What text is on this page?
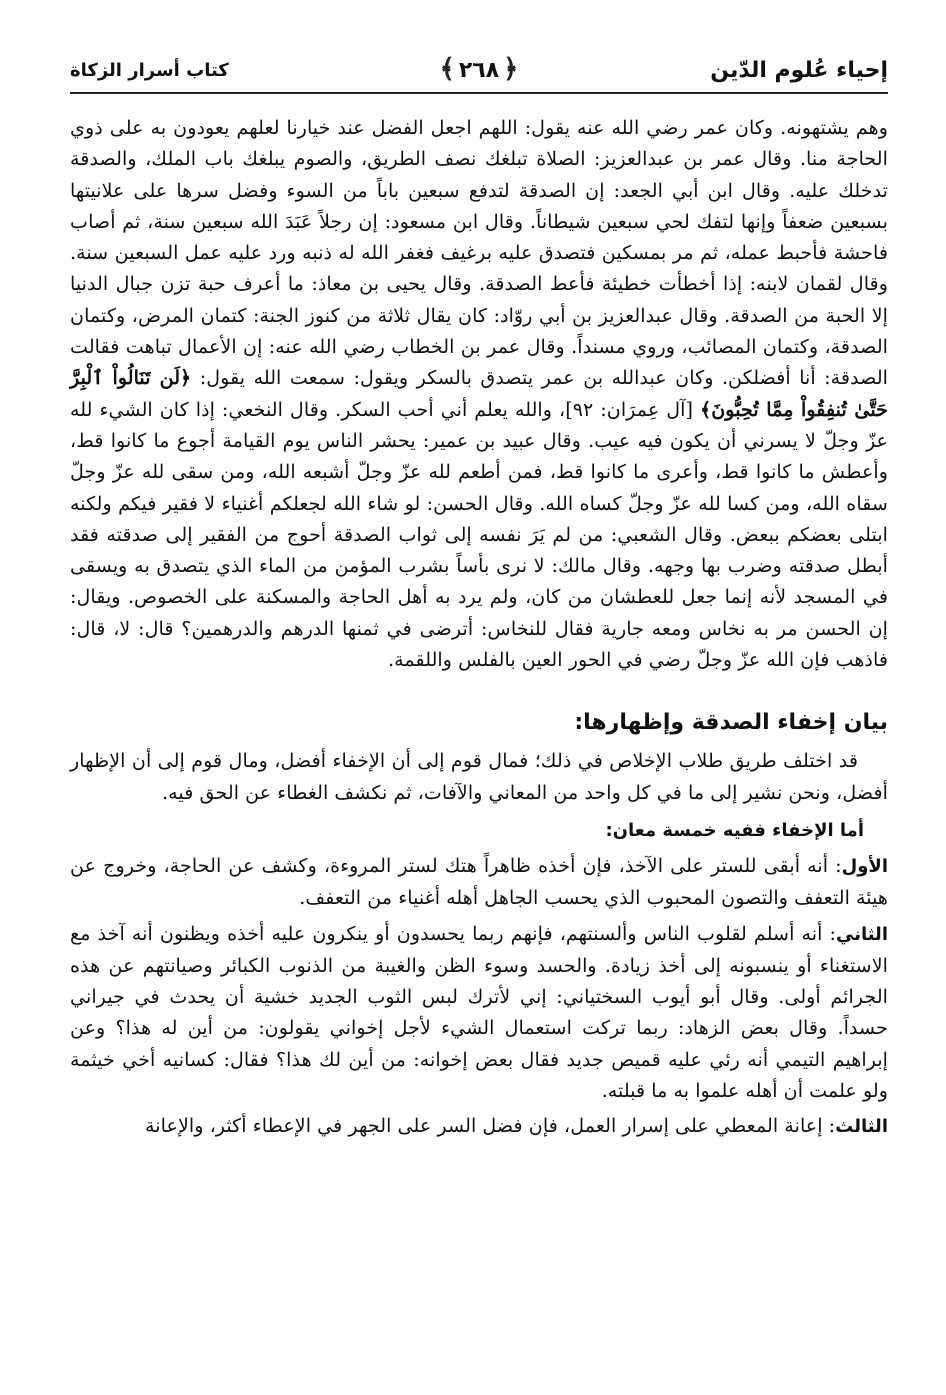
إحياء عُلوم الدّين
﴿٢٦٨﴾
كتاب أسرار الزكاة

وهم يشتهونه. وكان عمر رضي الله عنه يقول: اللهم اجعل الفضل عند خيارنا لعلهم يعودون به على ذوي الحاجة منا. وقال عمر بن عبدالعزيز: الصلاة تبلغك نصف الطريق، والصوم يبلغك باب الملك، والصدقة تدخلك عليه. وقال ابن أبي الجعد: إن الصدقة لتدفع سبعين باباً من السوء وفضل سرها على علانيتها بسبعين ضعفاً وإنها لتفك لحي سبعين شيطاناً. وقال ابن مسعود: إن رجلاً عَبَدَ الله سبعين سنة، ثم أصاب فاحشة فأحبط عمله، ثم مر بمسكين فتصدق عليه برغيف فغفر الله له ذنبه ورد عليه عمل السبعين سنة. وقال لقمان لابنه: إذا أخطأت خطيئة فأعط الصدقة. وقال يحيى بن معاذ: ما أعرف حبة تزن جبال الدنيا إلا الحبة من الصدقة. وقال عبدالعزيز بن أبي روّاد: كان يقال ثلاثة من كنوز الجنة: كتمان المرض، وكتمان الصدقة، وكتمان المصائب، وروي مسنداً. وقال عمر بن الخطاب رضي الله عنه: إن الأعمال تباهت فقالت الصدقة: أنا أفضلكن. وكان عبدالله بن عمر يتصدق بالسكر ويقول: سمعت الله يقول: ﴿لَن تَنَالُواْ ٱلْبِرَّ حَتَّىٰ تُنفِقُواْ مِمَّا تُحِبُّونَ﴾ [آل عِمرَان: ٩٢]، والله يعلم أني أحب السكر. وقال النخعي: إذا كان الشيء لله عزّ وجلّ لا يسرني أن يكون فيه عيب. وقال عبيد بن عمير: يحشر الناس يوم القيامة أجوع ما كانوا قط، وأعطش ما كانوا قط، وأعرى ما كانوا قط، فمن أطعم لله عزّ وجلّ أشبعه الله، ومن سقى لله عزّ وجلّ سقاه الله، ومن كسا لله عزّ وجلّ كساه الله. وقال الحسن: لو شاء الله لجعلكم أغنياء لا فقير فيكم ولكنه ابتلى بعضكم ببعض. وقال الشعبي: من لم يَرَ نفسه إلى ثواب الصدقة أحوج من الفقير إلى صدقته فقد أبطل صدقته وضرب بها وجهه. وقال مالك: لا نرى بأساً بشرب المؤمن من الماء الذي يتصدق به ويسقى في المسجد لأنه إنما جعل للعطشان من كان، ولم يرد به أهل الحاجة والمسكنة على الخصوص. ويقال: إن الحسن مر به نخاس ومعه جارية فقال للنخاس: أترضى في ثمنها الدرهم والدرهمين؟ قال: لا، قال: فاذهب فإن الله عزّ وجلّ رضي في الحور العين بالفلس واللقمة.

بيان إخفاء الصدقة وإظهارها:

قد اختلف طريق طلاب الإخلاص في ذلك؛ فمال قوم إلى أن الإخفاء أفضل، ومال قوم إلى أن الإظهار أفضل، ونحن نشير إلى ما في كل واحد من المعاني والآفات، ثم نكشف الغطاء عن الحق فيه.

أما الإخفاء ففيه خمسة معان:
الأول: أنه أبقى للستر على الآخذ، فإن أخذه ظاهراً هتك لستر المروءة، وكشف عن الحاجة، وخروج عن هيئة التعفف والتصون المحبوب الذي يحسب الجاهل أهله أغنياء من التعفف.
الثاني: أنه أسلم لقلوب الناس وألسنتهم، فإنهم ربما يحسدون أو ينكرون عليه أخذه ويظنون أنه آخذ مع الاستغناء أو ينسبونه إلى أخذ زيادة. والحسد وسوء الظن والغيبة من الذنوب الكبائر وصيانتهم عن هذه الجرائم أولى. وقال أبو أيوب السختياني: إني لأترك لبس الثوب الجديد خشية أن يحدث في جيراني حسداً. وقال بعض الزهاد: ربما تركت استعمال الشيء لأجل إخواني يقولون: من أين له هذا؟ وعن إبراهيم التيمي أنه رئي عليه قميص جديد فقال بعض إخوانه: من أين لك هذا؟ فقال: كسانيه أخي خيثمة ولو علمت أن أهله علموا به ما قبلته.
الثالث: إعانة المعطي على إسرار العمل، فإن فضل السر على الجهر في الإعطاء أكثر، والإعانة
